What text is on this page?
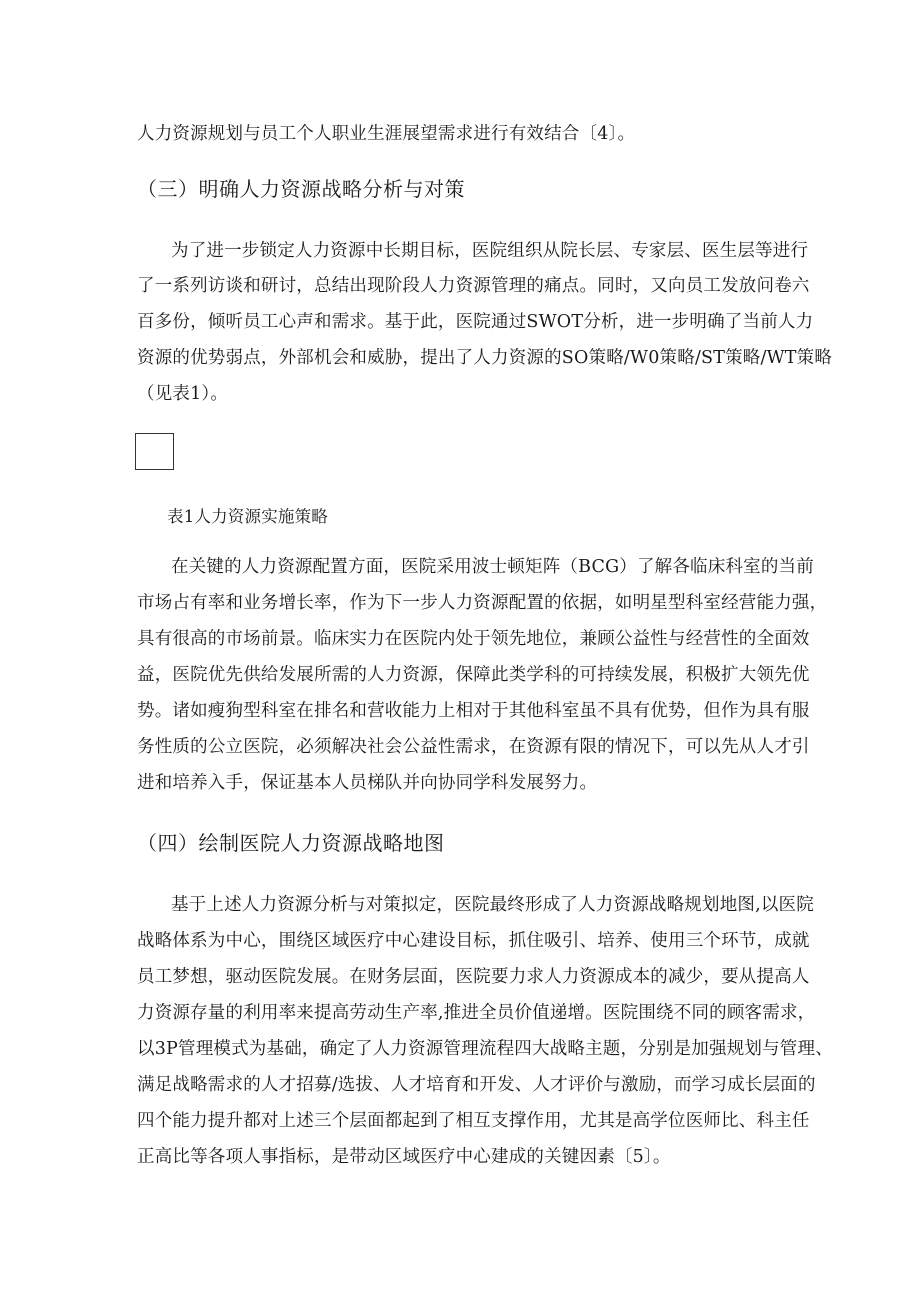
人力资源规划与员工个人职业生涯展望需求进行有效结合〔4〕。
（三）明确人力资源战略分析与对策
为了进一步锁定人力资源中长期目标，医院组织从院长层、专家层、医生层等进行
了一系列访谈和研讨，总结出现阶段人力资源管理的痛点。同时，又向员工发放问卷六
百多份，倾听员工心声和需求。基于此，医院通过SWOT分析，进一步明确了当前人力
资源的优势弱点，外部机会和威胁，提出了人力资源的SO策略/W0策略/ST策略/WT策略
（见表1）。
表1人力资源实施策略
在关键的人力资源配置方面，医院采用波士顿矩阵（BCG）了解各临床科室的当前
市场占有率和业务增长率，作为下一步人力资源配置的依据，如明星型科室经营能力强，
具有很高的市场前景。临床实力在医院内处于领先地位，兼顾公益性与经营性的全面效
益，医院优先供给发展所需的人力资源，保障此类学科的可持续发展，积极扩大领先优
势。诸如瘦狗型科室在排名和营收能力上相对于其他科室虽不具有优势，但作为具有服
务性质的公立医院，必须解决社会公益性需求，在资源有限的情况下，可以先从人才引
进和培养入手，保证基本人员梯队并向协同学科发展努力。
（四）绘制医院人力资源战略地图
基于上述人力资源分析与对策拟定，医院最终形成了人力资源战略规划地图,以医院
战略体系为中心，围绕区域医疗中心建设目标，抓住吸引、培养、使用三个环节，成就
员工梦想，驱动医院发展。在财务层面，医院要力求人力资源成本的减少，要从提高人
力资源存量的利用率来提高劳动生产率,推进全员价值递增。医院围绕不同的顾客需求，
以3P管理模式为基础，确定了人力资源管理流程四大战略主题，分别是加强规划与管理、
满足战略需求的人才招募/选拔、人才培育和开发、人才评价与激励，而学习成长层面的
四个能力提升都对上述三个层面都起到了相互支撑作用，尤其是高学位医师比、科主任
正高比等各项人事指标，是带动区域医疗中心建成的关键因素〔5〕。
